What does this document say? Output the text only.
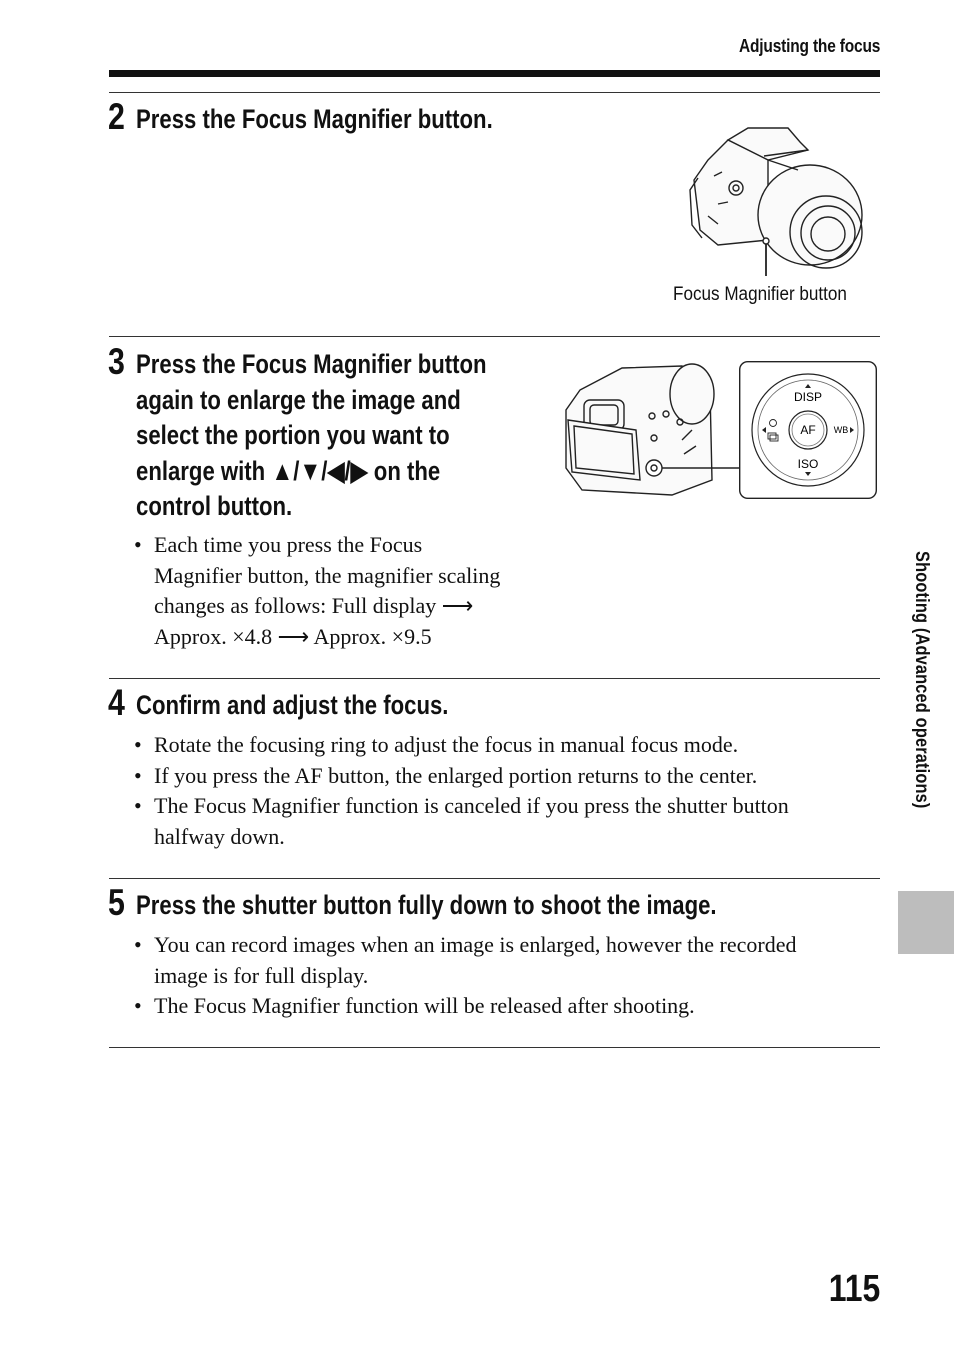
Adjusting the focus
2 Press the Focus Magnifier button.
Focus Magnifier button
3 Press the Focus Magnifier button
again to enlarge the image and
select the portion you want to
enlarge with ▲/▼/◀/▶ on the
control button.
DISP
AF WB
ISO
• Each time you press the Focus
Magnifier button, the magnifier scaling
changes as follows: Full display ⟶
Approx. ×4.8 ⟶ Approx. ×9.5
4 Confirm and adjust the focus.
• Rotate the focusing ring to adjust the focus in manual focus mode.
• If you press the AF button, the enlarged portion returns to the center.
• The Focus Magnifier function is canceled if you press the shutter button
halfway down.
5 Press the shutter button fully down to shoot the image.
• You can record images when an image is enlarged, however the recorded
image is for full display.
• The Focus Magnifier function will be released after shooting.
Shooting (Advanced operations)
115
